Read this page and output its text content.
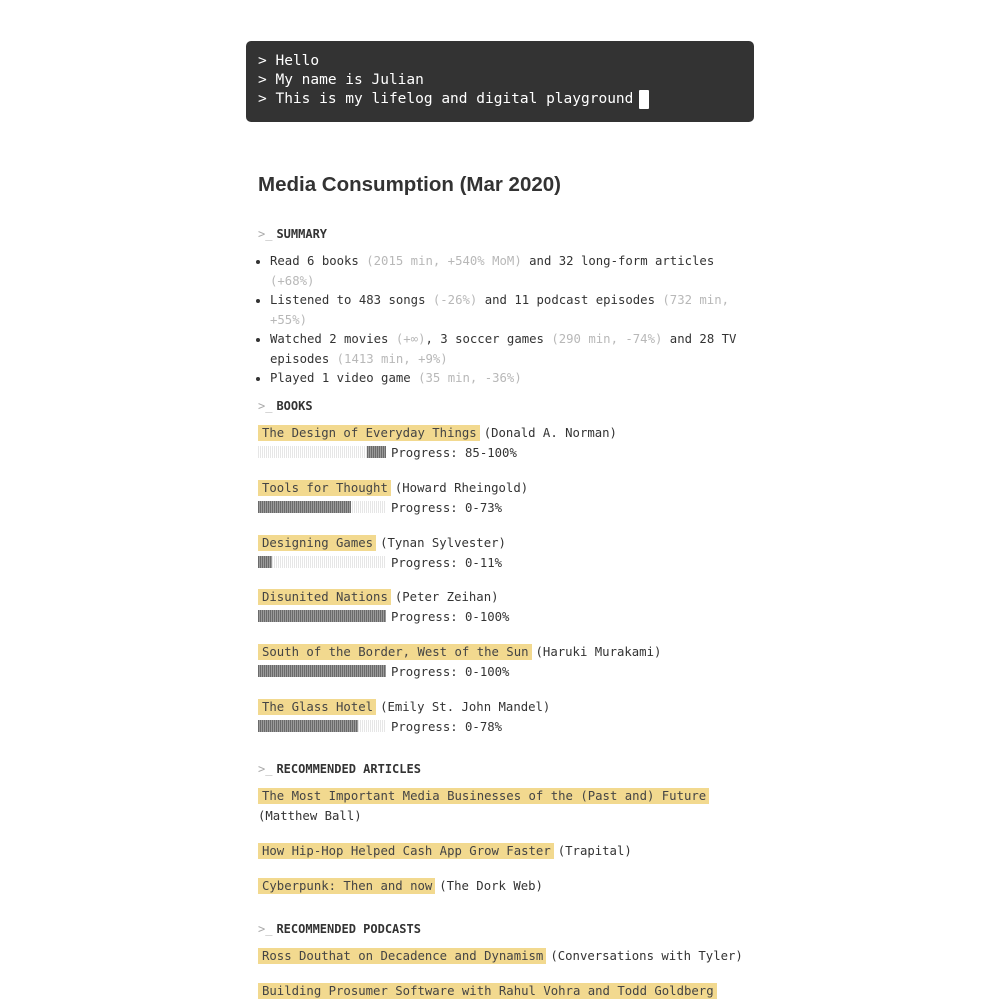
> Hello
> My name is Julian
> This is my lifelog and digital playground
Media Consumption (Mar 2020)
>_ SUMMARY
• Read 6 books (2015 min, +540% MoM) and 32 long-form articles (+68%)
• Listened to 483 songs (-26%) and 11 podcast episodes (732 min, +55%)
• Watched 2 movies (+∞), 3 soccer games (290 min, -74%) and 28 TV episodes (1413 min, +9%)
• Played 1 video game (35 min, -36%)
>_ BOOKS
The Design of Everyday Things (Donald A. Norman)
Progress: 85-100%
Tools for Thought (Howard Rheingold)
Progress: 0-73%
Designing Games (Tynan Sylvester)
Progress: 0-11%
Disunited Nations (Peter Zeihan)
Progress: 0-100%
South of the Border, West of the Sun (Haruki Murakami)
Progress: 0-100%
The Glass Hotel (Emily St. John Mandel)
Progress: 0-78%
>_ RECOMMENDED ARTICLES
The Most Important Media Businesses of the (Past and) Future
(Matthew Ball)
How Hip-Hop Helped Cash App Grow Faster (Trapital)
Cyberpunk: Then and now (The Dork Web)
>_ RECOMMENDED PODCASTS
Ross Douthat on Decadence and Dynamism (Conversations with Tyler)
Building Prosumer Software with Rahul Vohra and Todd Goldberg
